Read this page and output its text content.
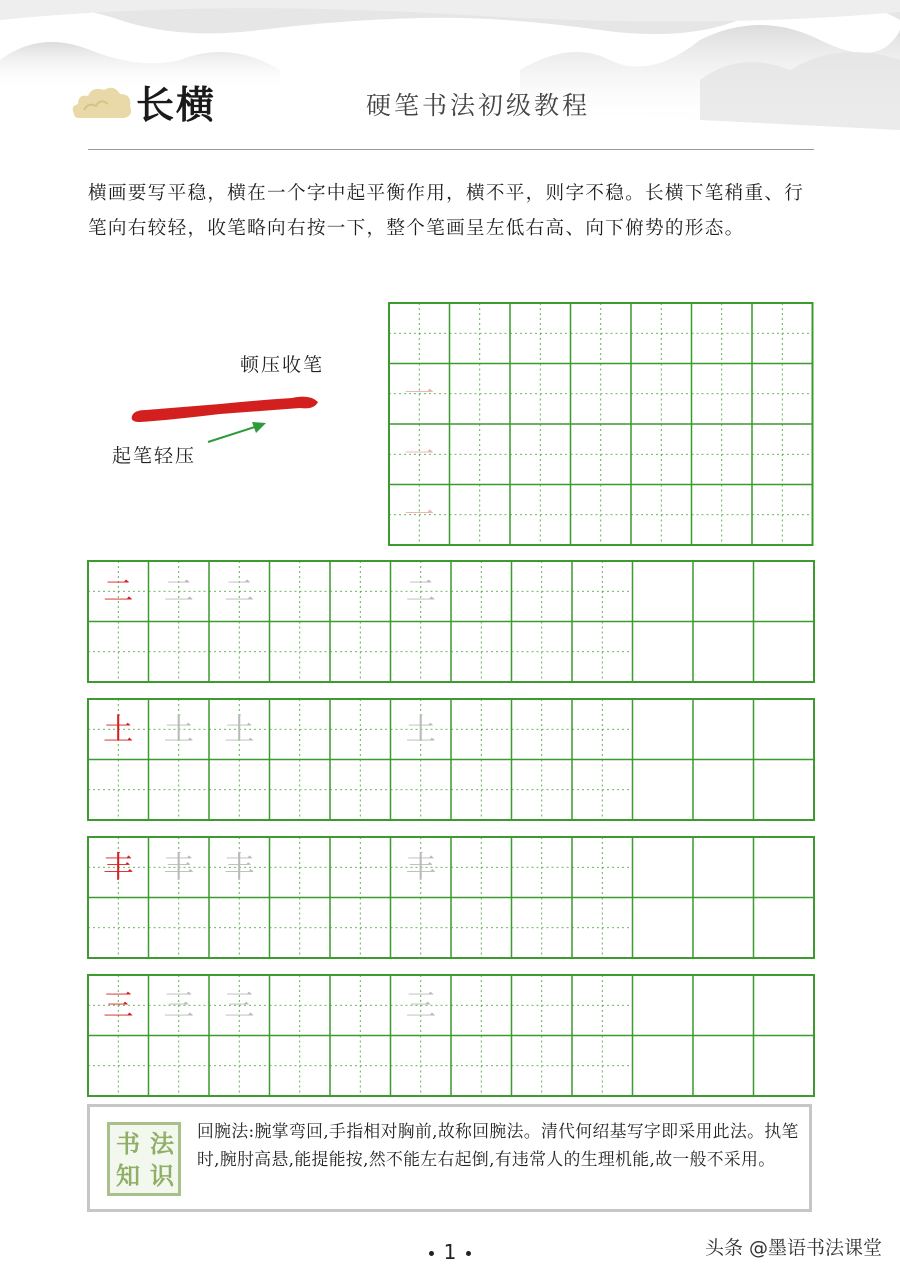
长横	硬笔书法初级教程
横画要写平稳，横在一个字中起平衡作用，横不平，则字不稳。长横下笔稍重、行笔向右较轻，收笔略向右按一下，整个笔画呈左低右高、向下俯势的形态。
顿压收笔
起笔轻压
一
一
一
二 二 二	二
土 土 土	土
丰 丰 丰	丰
三 三 三	三
书 法
知 识
回腕法:腕掌弯回,手指相对胸前,故称回腕法。清代何绍基写字即采用此法。执笔时,腕肘高悬,能提能按,然不能左右起倒,有违常人的生理机能,故一般不采用。
1	头条 @墨语书法课堂
